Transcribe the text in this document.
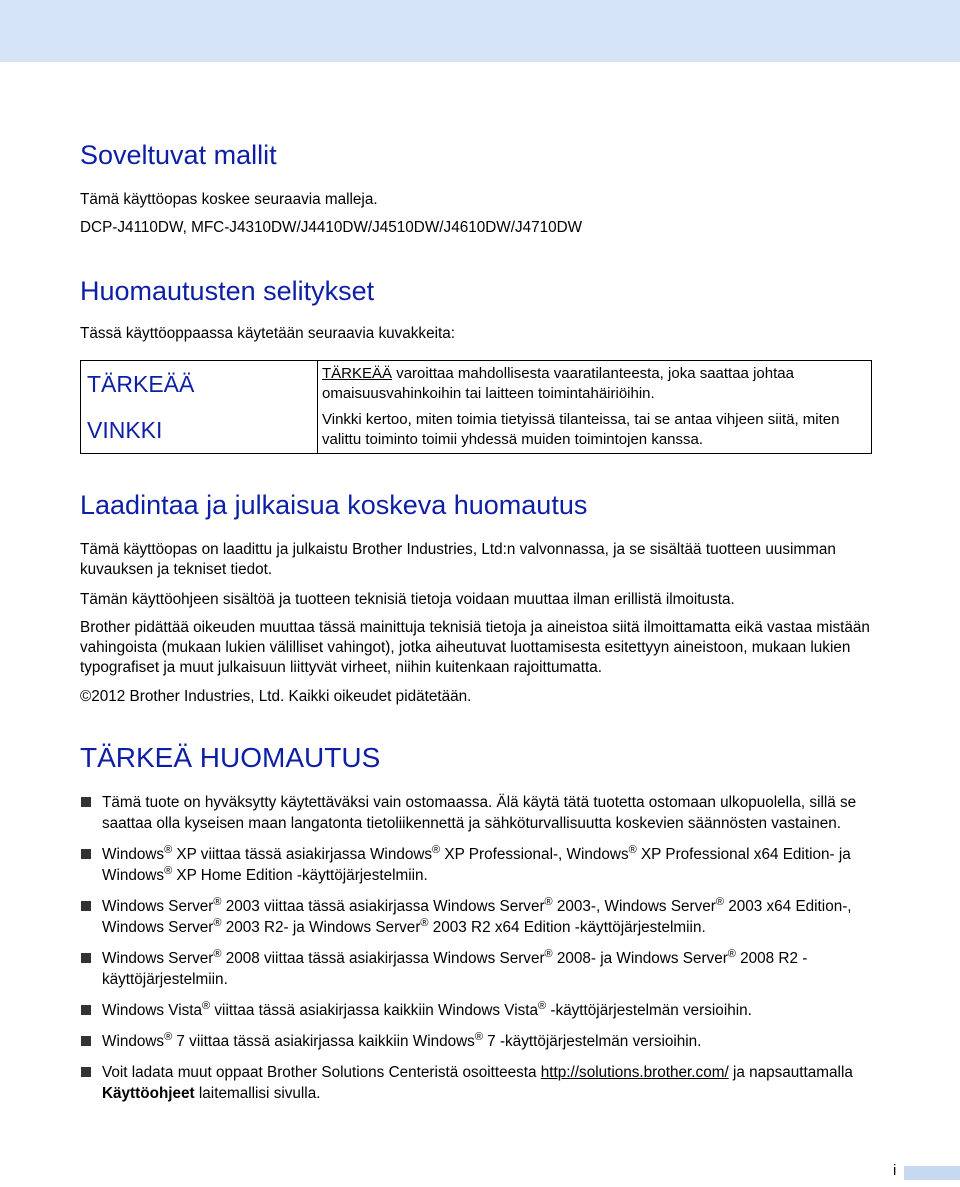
Soveltuvat mallit

Tämä käyttöopas koskee seuraavia malleja.

DCP-J4110DW, MFC-J4310DW/J4410DW/J4510DW/J4610DW/J4710DW

Huomautusten selitykset

Tässä käyttöoppaassa käytetään seuraavia kuvakkeita:

TÄRKEÄÄ	TÄRKEÄÄ varoittaa mahdollisesta vaaratilanteesta, joka saattaa johtaa omaisuusvahinkoihin tai laitteen toimintahäiriöihin.
VINKKI	Vinkki kertoo, miten toimia tietyissä tilanteissa, tai se antaa vihjeen siitä, miten valittu toiminto toimii yhdessä muiden toimintojen kanssa.
Laadintaa ja julkaisua koskeva huomautus

Tämä käyttöopas on laadittu ja julkaistu Brother Industries, Ltd:n valvonnassa, ja se sisältää tuotteen uusimman kuvauksen ja tekniset tiedot.

Tämän käyttöohjeen sisältöä ja tuotteen teknisiä tietoja voidaan muuttaa ilman erillistä ilmoitusta.

Brother pidättää oikeuden muuttaa tässä mainittuja teknisiä tietoja ja aineistoa siitä ilmoittamatta eikä vastaa mistään vahingoista (mukaan lukien välilliset vahingot), jotka aiheutuvat luottamisesta esitettyyn aineistoon, mukaan lukien typografiset ja muut julkaisuun liittyvät virheet, niihin kuitenkaan rajoittumatta.

©2012 Brother Industries, Ltd. Kaikki oikeudet pidätetään.

TÄRKEÄ HUOMAUTUS
Tämä tuote on hyväksytty käytettäväksi vain ostomaassa. Älä käytä tätä tuotetta ostomaan ulkopuolella, sillä se saattaa olla kyseisen maan langatonta tietoliikennettä ja sähköturvallisuutta koskevien säännösten vastainen.
Windows® XP viittaa tässä asiakirjassa Windows® XP Professional-, Windows® XP Professional x64 Edition- ja Windows® XP Home Edition -käyttöjärjestelmiin.
Windows Server® 2003 viittaa tässä asiakirjassa Windows Server® 2003-, Windows Server® 2003 x64 Edition-, Windows Server® 2003 R2- ja Windows Server® 2003 R2 x64 Edition -käyttöjärjestelmiin.
Windows Server® 2008 viittaa tässä asiakirjassa Windows Server® 2008- ja Windows Server® 2008 R2 - käyttöjärjestelmiin.
Windows Vista® viittaa tässä asiakirjassa kaikkiin Windows Vista® -käyttöjärjestelmän versioihin.
Windows® 7 viittaa tässä asiakirjassa kaikkiin Windows® 7 -käyttöjärjestelmän versioihin.
Voit ladata muut oppaat Brother Solutions Centeristä osoitteesta http://solutions.brother.com/ ja napsauttamalla Käyttöohjeet laitemallisi sivulla.
i
